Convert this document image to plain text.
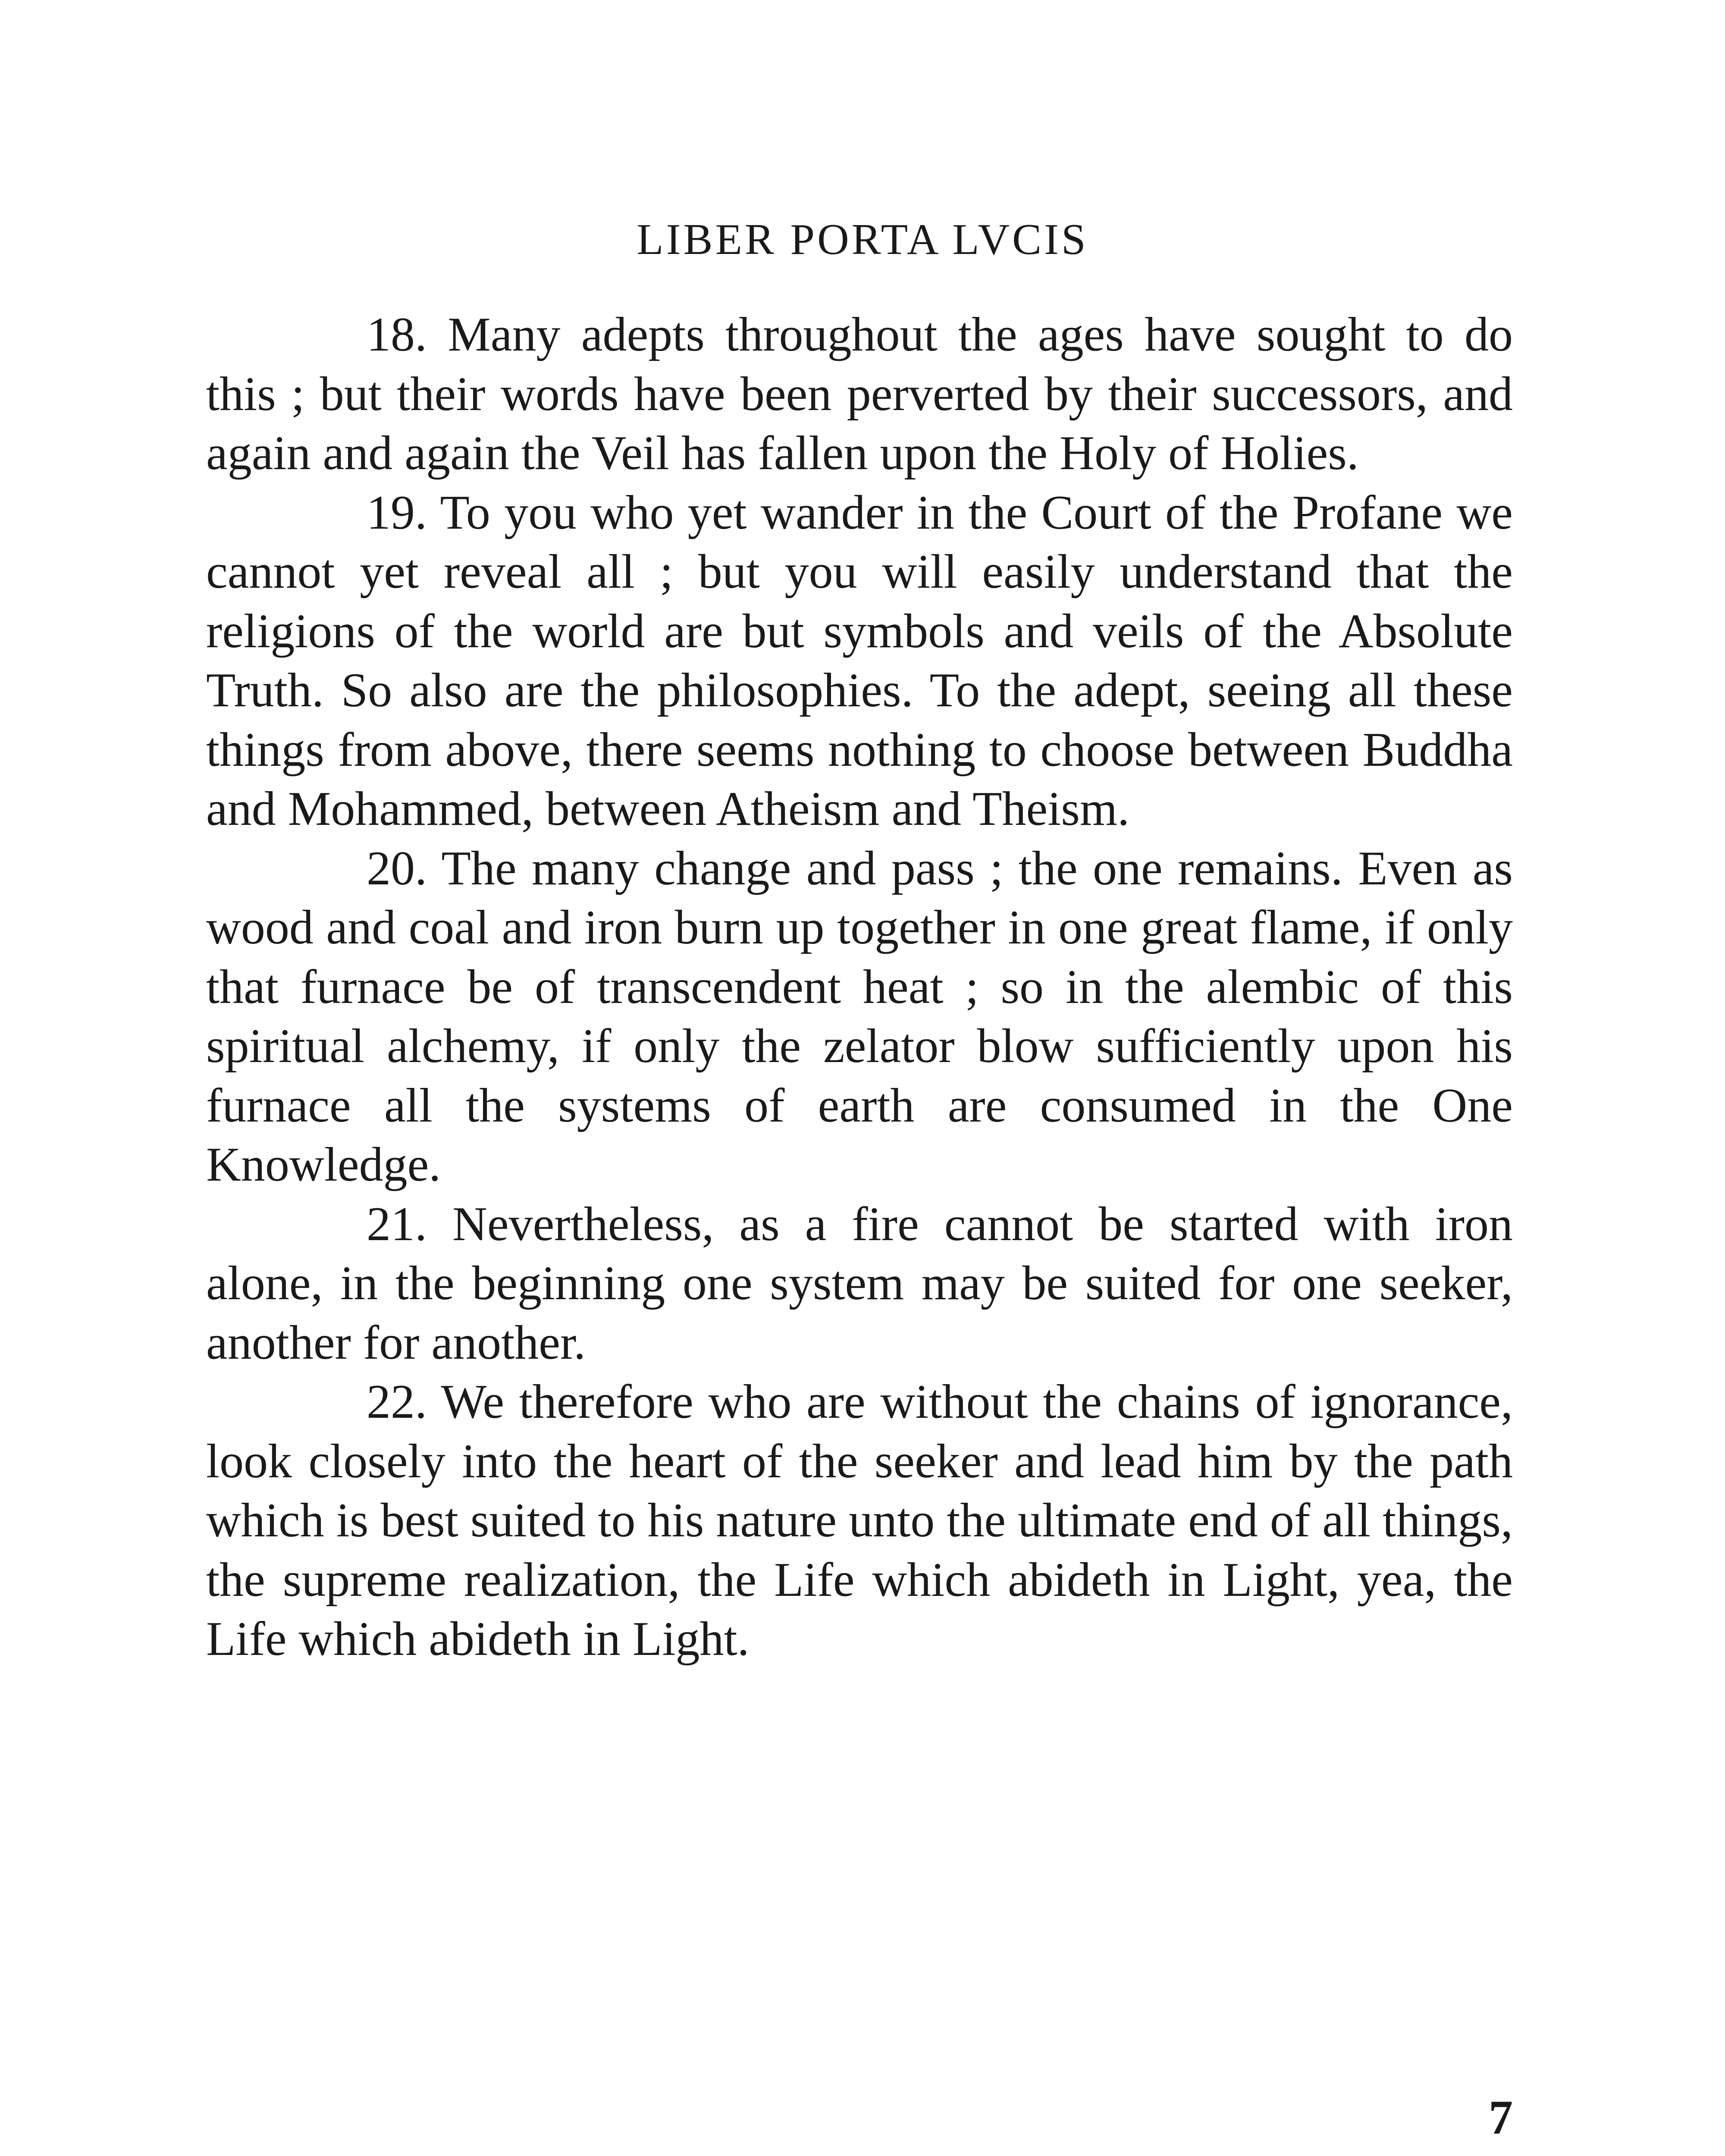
LIBER PORTA LVCIS

18. Many adepts throughout the ages have sought to do this ; but their words have been perverted by their successors, and again and again the Veil has fallen upon the Holy of Holies.

19. To you who yet wander in the Court of the Profane we cannot yet reveal all ; but you will easily understand that the religions of the world are but symbols and veils of the Absolute Truth. So also are the philosophies. To the adept, seeing all these things from above, there seems nothing to choose between Buddha and Mohammed, between Atheism and Theism.

20. The many change and pass ; the one remains. Even as wood and coal and iron burn up together in one great flame, if only that furnace be of transcendent heat ; so in the alembic of this spiritual alchemy, if only the zelator blow sufficiently upon his furnace all the systems of earth are consumed in the One Knowledge.

21. Nevertheless, as a fire cannot be started with iron alone, in the beginning one system may be suited for one seeker, another for another.

22. We therefore who are without the chains of ignorance, look closely into the heart of the seeker and lead him by the path which is best suited to his nature unto the ultimate end of all things, the supreme realization, the Life which abideth in Light, yea, the Life which abideth in Light.

7
